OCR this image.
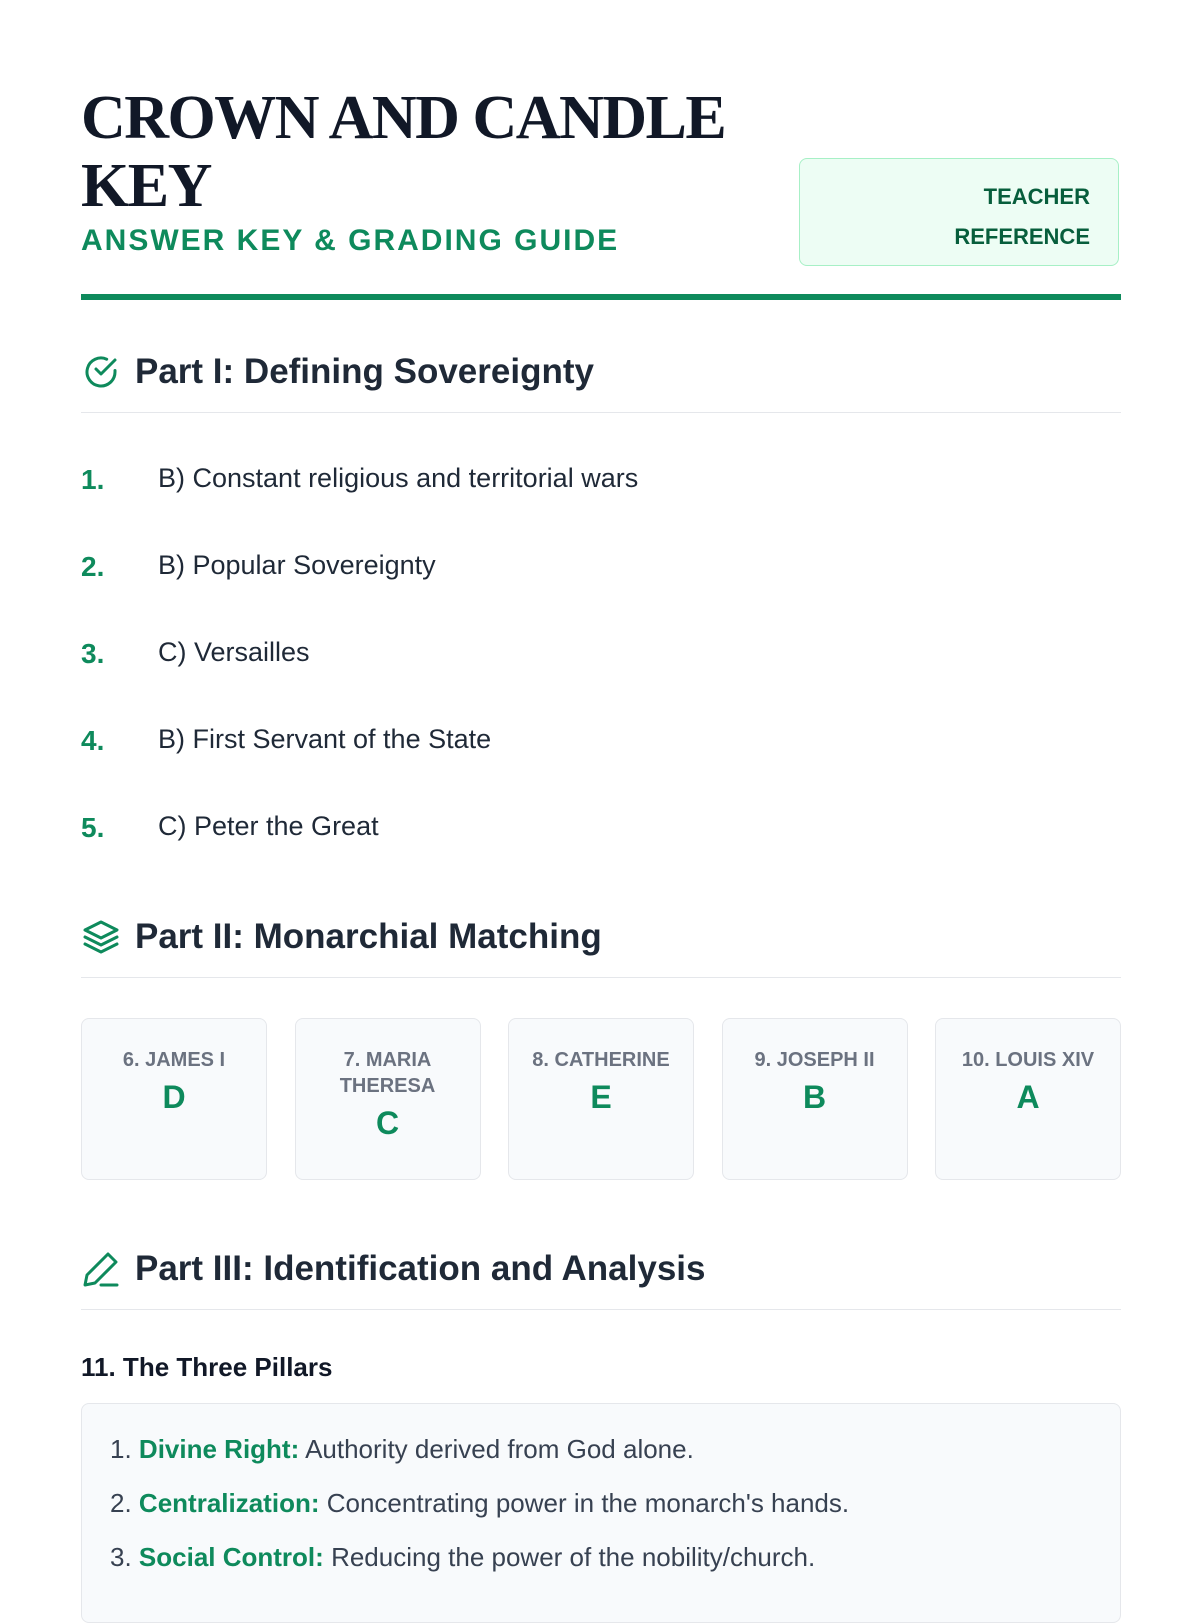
CROWN AND CANDLE KEY
ANSWER KEY & GRADING GUIDE
TEACHER
REFERENCE
Part I: Defining Sovereignty
1. B) Constant religious and territorial wars
2. B) Popular Sovereignty
3. C) Versailles
4. B) First Servant of the State
5. C) Peter the Great
Part II: Monarchial Matching
6. JAMES I
D
7. MARIA THERESA
C
8. CATHERINE
E
9. JOSEPH II
B
10. LOUIS XIV
A
Part III: Identification and Analysis
11. The Three Pillars
1. Divine Right: Authority derived from God alone.
2. Centralization: Concentrating power in the monarch's hands.
3. Social Control: Reducing the power of the nobility/church.
